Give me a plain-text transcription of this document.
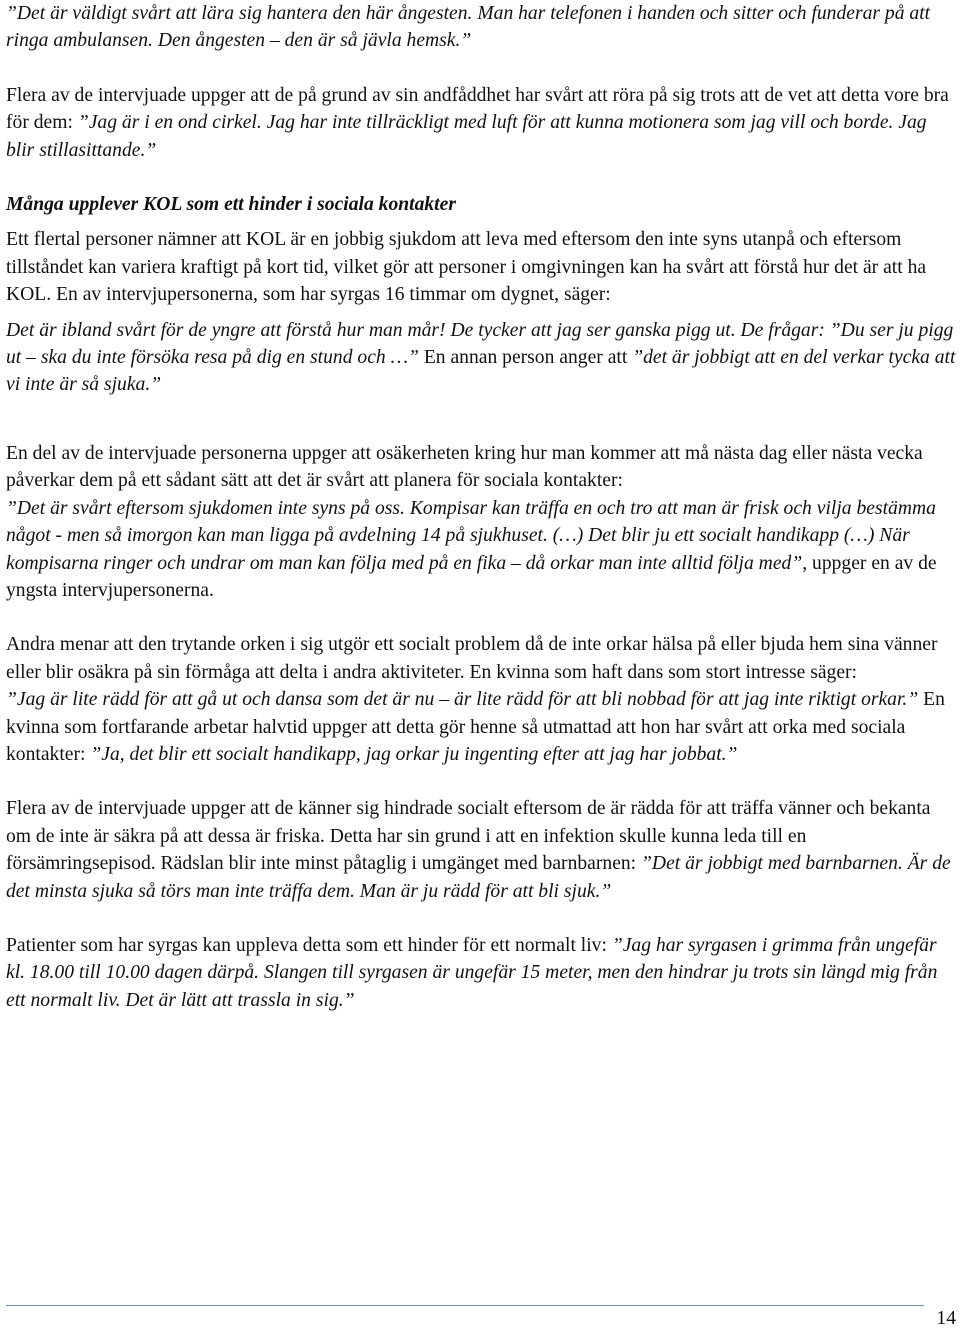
”Det är väldigt svårt att lära sig hantera den här ångesten. Man har telefonen i handen och sitter och funderar på att ringa ambulansen. Den ångesten – den är så jävla hemsk.”

Flera av de intervjuade uppger att de på grund av sin andfåddhet har svårt att röra på sig trots att de vet att detta vore bra för dem: ”Jag är i en ond cirkel. Jag har inte tillräckligt med luft för att kunna motionera som jag vill och borde. Jag blir stillasittande.”

Många upplever KOL som ett hinder i sociala kontakter

Ett flertal personer nämner att KOL är en jobbig sjukdom att leva med eftersom den inte syns utanpå och eftersom tillståndet kan variera kraftigt på kort tid, vilket gör att personer i omgivningen kan ha svårt att förstå hur det är att ha KOL. En av intervjupersonerna, som har syrgas 16 timmar om dygnet, säger:

Det är ibland svårt för de yngre att förstå hur man mår! De tycker att jag ser ganska pigg ut. De frågar: ”Du ser ju pigg ut – ska du inte försöka resa på dig en stund och …” En annan person anger att ”det är jobbigt att en del verkar tycka att vi inte är så sjuka.”

En del av de intervjuade personerna uppger att osäkerheten kring hur man kommer att må nästa dag eller nästa vecka påverkar dem på ett sådant sätt att det är svårt att planera för sociala kontakter:

”Det är svårt eftersom sjukdomen inte syns på oss. Kompisar kan träffa en och tro att man är frisk och vilja bestämma något - men så imorgon kan man ligga på avdelning 14 på sjukhuset. (…) Det blir ju ett socialt handikapp (…) När kompisarna ringer och undrar om man kan följa med på en fika – då orkar man inte alltid följa med”, uppger en av de yngsta intervjupersonerna.

Andra menar att den trytande orken i sig utgör ett socialt problem då de inte orkar hälsa på eller bjuda hem sina vänner eller blir osäkra på sin förmåga att delta i andra aktiviteter. En kvinna som haft dans som stort intresse säger:

”Jag är lite rädd för att gå ut och dansa som det är nu – är lite rädd för att bli nobbad för att jag inte riktigt orkar.” En kvinna som fortfarande arbetar halvtid uppger att detta gör henne så utmattad att hon har svårt att orka med sociala kontakter: ”Ja, det blir ett socialt handikapp, jag orkar ju ingenting efter att jag har jobbat.”

Flera av de intervjuade uppger att de känner sig hindrade socialt eftersom de är rädda för att träffa vänner och bekanta om de inte är säkra på att dessa är friska. Detta har sin grund i att en infektion skulle kunna leda till en försämringsepisod. Rädslan blir inte minst påtaglig i umgänget med barnbarnen: ”Det är jobbigt med barnbarnen. Är de det minsta sjuka så törs man inte träffa dem. Man är ju rädd för att bli sjuk.”

Patienter som har syrgas kan uppleva detta som ett hinder för ett normalt liv: ”Jag har syrgasen i grimma från ungefär kl. 18.00 till 10.00 dagen därpå. Slangen till syrgasen är ungefär 15 meter, men den hindrar ju trots sin längd mig från ett normalt liv. Det är lätt att trassla in sig.”

14
